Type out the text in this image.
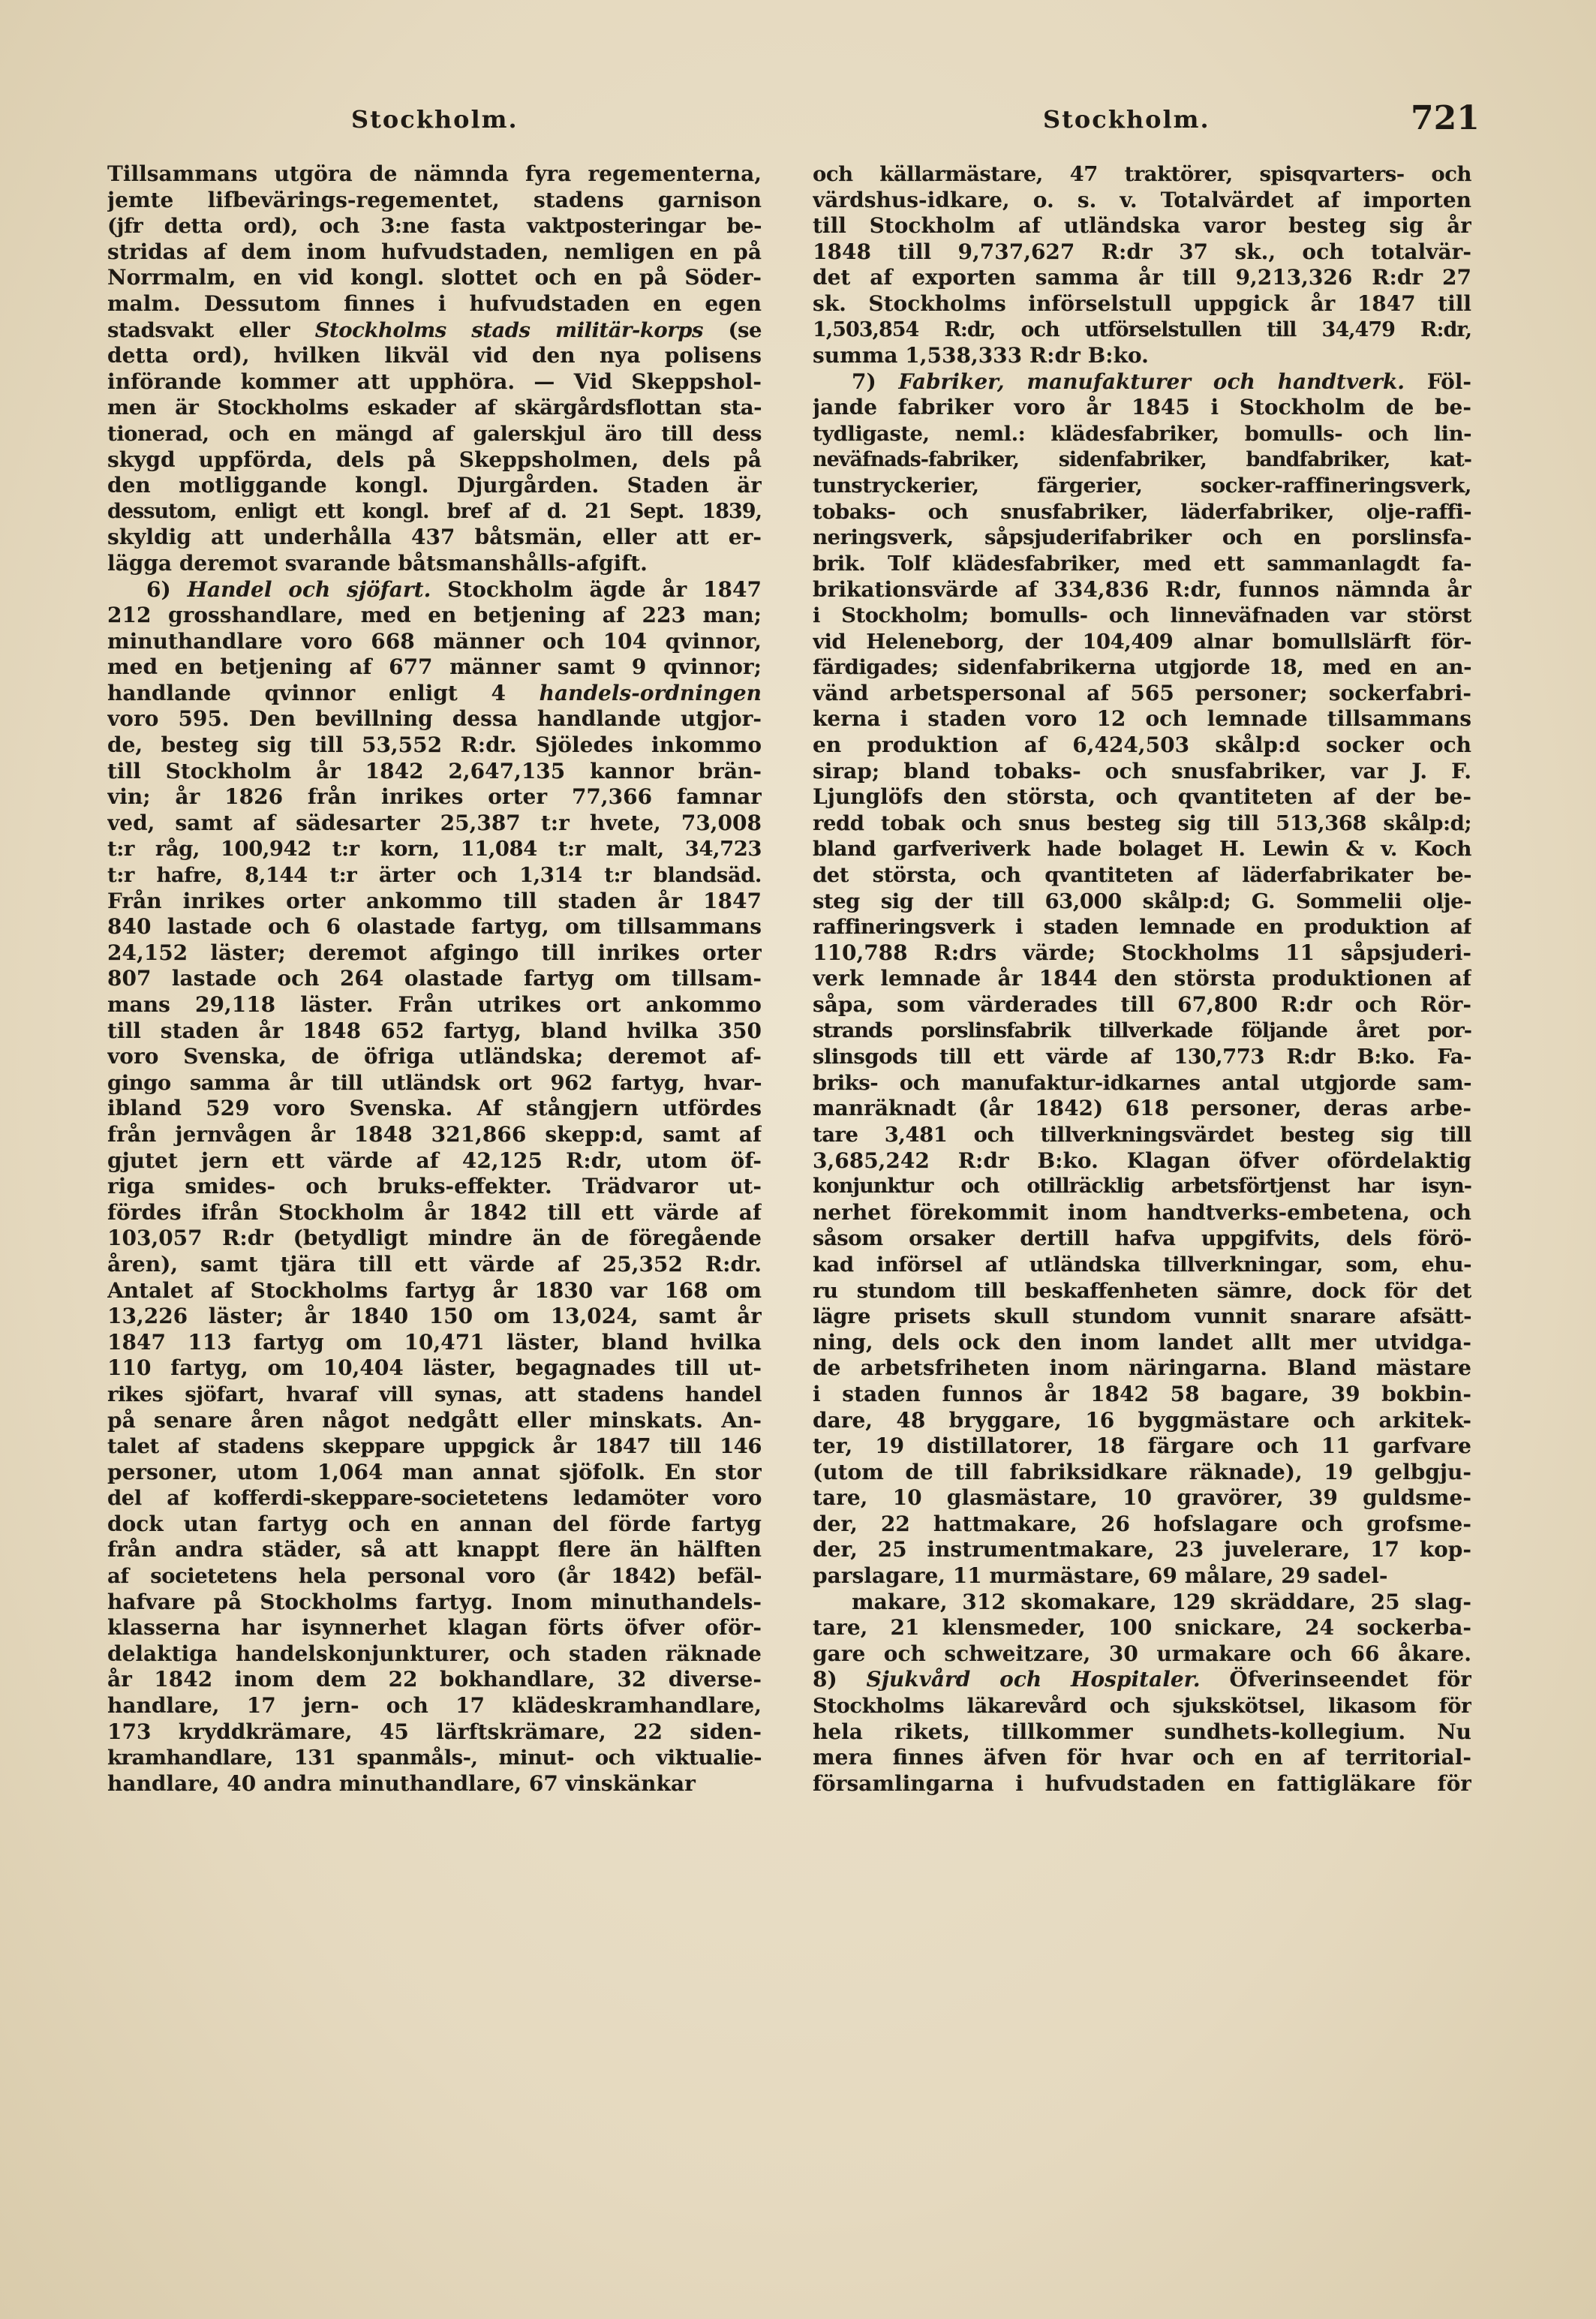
Stockholm.	Stockholm.	721
Tillsammans utgöra de nämnda fyra regementerna,
jemte lifbevärings-regementet, stadens garnison
(jfr detta ord), och 3:ne fasta vaktposteringar be-
stridas af dem inom hufvudstaden, nemligen en på
Norrmalm, en vid kongl. slottet och en på Söder-
malm. Dessutom finnes i hufvudstaden en egen
stadsvakt eller Stockholms stads militär-korps (se
detta ord), hvilken likväl vid den nya polisens
införande kommer att upphöra. — Vid Skeppshol-
men är Stockholms eskader af skärgårdsflottan sta-
tionerad, och en mängd af galerskjul äro till dess
skygd uppförda, dels på Skeppsholmen, dels på
den motliggande kongl. Djurgården. Staden är
dessutom, enligt ett kongl. bref af d. 21 Sept. 1839,
skyldig att underhålla 437 båtsmän, eller att er-
lägga deremot svarande båtsmanshålls-afgift.
6) Handel och sjöfart. Stockholm ägde år 1847
212 grosshandlare, med en betjening af 223 man;
minuthandlare voro 668 männer och 104 qvinnor,
med en betjening af 677 männer samt 9 qvinnor;
handlande qvinnor enligt 4 handels-ordningen
voro 595. Den bevillning dessa handlande utgjor-
de, besteg sig till 53,552 R:dr. Sjöledes inkommo
till Stockholm år 1842 2,647,135 kannor brän-
vin; år 1826 från inrikes orter 77,366 famnar
ved, samt af sädesarter 25,387 t:r hvete, 73,008
t:r råg, 100,942 t:r korn, 11,084 t:r malt, 34,723
t:r hafre, 8,144 t:r ärter och 1,314 t:r blandsäd.
Från inrikes orter ankommo till staden år 1847
840 lastade och 6 olastade fartyg, om tillsammans
24,152 läster; deremot afgingo till inrikes orter
807 lastade och 264 olastade fartyg om tillsam-
mans 29,118 läster. Från utrikes ort ankommo
till staden år 1848 652 fartyg, bland hvilka 350
voro Svenska, de öfriga utländska; deremot af-
gingo samma år till utländsk ort 962 fartyg, hvar-
ibland 529 voro Svenska. Af stångjern utfördes
från jernvågen år 1848 321,866 skepp:d, samt af
gjutet jern ett värde af 42,125 R:dr, utom öf-
riga smides- och bruks-effekter. Trädvaror ut-
fördes ifrån Stockholm år 1842 till ett värde af
103,057 R:dr (betydligt mindre än de föregående
åren), samt tjära till ett värde af 25,352 R:dr.
Antalet af Stockholms fartyg år 1830 var 168 om
13,226 läster; år 1840 150 om 13,024, samt år
1847 113 fartyg om 10,471 läster, bland hvilka
110 fartyg, om 10,404 läster, begagnades till ut-
rikes sjöfart, hvaraf vill synas, att stadens handel
på senare åren något nedgått eller minskats. An-
talet af stadens skeppare uppgick år 1847 till 146
personer, utom 1,064 man annat sjöfolk. En stor
del af kofferdi-skeppare-societetens ledamöter voro
dock utan fartyg och en annan del förde fartyg
från andra städer, så att knappt flere än hälften
af societetens hela personal voro (år 1842) befäl-
hafvare på Stockholms fartyg. Inom minuthandels-
klasserna har isynnerhet klagan förts öfver oför-
delaktiga handelskonjunkturer, och staden räknade
år 1842 inom dem 22 bokhandlare, 32 diverse-
handlare, 17 jern- och 17 klädeskramhandlare,
173 kryddkrämare, 45 lärftskrämare, 22 siden-
kramhandlare, 131 spanmåls-, minut- och viktualie-
handlare, 40 andra minuthandlare, 67 vinskänkar
och källarmästare, 47 traktörer, spisqvarters- och
värdshus-idkare, o. s. v. Totalvärdet af importen
till Stockholm af utländska varor besteg sig år
1848 till 9,737,627 R:dr 37 sk., och totalvär-
det af exporten samma år till 9,213,326 R:dr 27
sk. Stockholms införselstull uppgick år 1847 till
1,503,854 R:dr, och utförselstullen till 34,479 R:dr,
summa 1,538,333 R:dr B:ko.
7) Fabriker, manufakturer och handtverk. Föl-
jande fabriker voro år 1845 i Stockholm de be-
tydligaste, neml.: klädesfabriker, bomulls- och lin-
neväfnads-fabriker, sidenfabriker, bandfabriker, kat-
tunstryckerier, färgerier, socker-raffineringsverk,
tobaks- och snusfabriker, läderfabriker, olje-raffi-
neringsverk, såpsjuderifabriker och en porslinsfa-
brik. Tolf klädesfabriker, med ett sammanlagdt fa-
brikationsvärde af 334,836 R:dr, funnos nämnda år
i Stockholm; bomulls- och linneväfnaden var störst
vid Heleneborg, der 104,409 alnar bomullslärft för-
färdigades; sidenfabrikerna utgjorde 18, med en an-
vänd arbetspersonal af 565 personer; sockerfabri-
kerna i staden voro 12 och lemnade tillsammans
en produktion af 6,424,503 skålp:d socker och
sirap; bland tobaks- och snusfabriker, var J. F.
Ljunglöfs den största, och qvantiteten af der be-
redd tobak och snus besteg sig till 513,368 skålp:d;
bland garfveriverk hade bolaget H. Lewin & v. Koch
det största, och qvantiteten af läderfabrikater be-
steg sig der till 63,000 skålp:d; G. Sommelii olje-
raffineringsverk i staden lemnade en produktion af
110,788 R:drs värde; Stockholms 11 såpsjuderi-
verk lemnade år 1844 den största produktionen af
såpa, som värderades till 67,800 R:dr och Rör-
strands porslinsfabrik tillverkade följande året por-
slinsgods till ett värde af 130,773 R:dr B:ko. Fa-
briks- och manufaktur-idkarnes antal utgjorde sam-
manräknadt (år 1842) 618 personer, deras arbe-
tare 3,481 och tillverkningsvärdet besteg sig till
3,685,242 R:dr B:ko. Klagan öfver ofördelaktig
konjunktur och otillräcklig arbetsförtjenst har isyn-
nerhet förekommit inom handtverks-embetena, och
såsom orsaker dertill hafva uppgifvits, dels förö-
kad införsel af utländska tillverkningar, som, ehu-
ru stundom till beskaffenheten sämre, dock för det
lägre prisets skull stundom vunnit snarare afsätt-
ning, dels ock den inom landet allt mer utvidga-
de arbetsfriheten inom näringarna. Bland mästare
i staden funnos år 1842 58 bagare, 39 bokbin-
dare, 48 bryggare, 16 byggmästare och arkitek-
ter, 19 distillatorer, 18 färgare och 11 garfvare
(utom de till fabriksidkare räknade), 19 gelbgju-
tare, 10 glasmästare, 10 gravörer, 39 guldsme-
der, 22 hattmakare, 26 hofslagare och grofsme-
der, 25 instrumentmakare, 23 juvelerare, 17 kop-
parslagare, 11 murmästare, 69 målare, 29 sadel-
makare, 312 skomakare, 129 skräddare, 25 slag-
tare, 21 klensmeder, 100 snickare, 24 sockerba-
gare och schweitzare, 30 urmakare och 66 åkare.
8) Sjukvård och Hospitaler. Öfverinseendet för
Stockholms läkarevård och sjukskötsel, likasom för
hela rikets, tillkommer sundhets-kollegium. Nu
mera finnes äfven för hvar och en af territorial-
församlingarna i hufvudstaden en fattigläkare för
